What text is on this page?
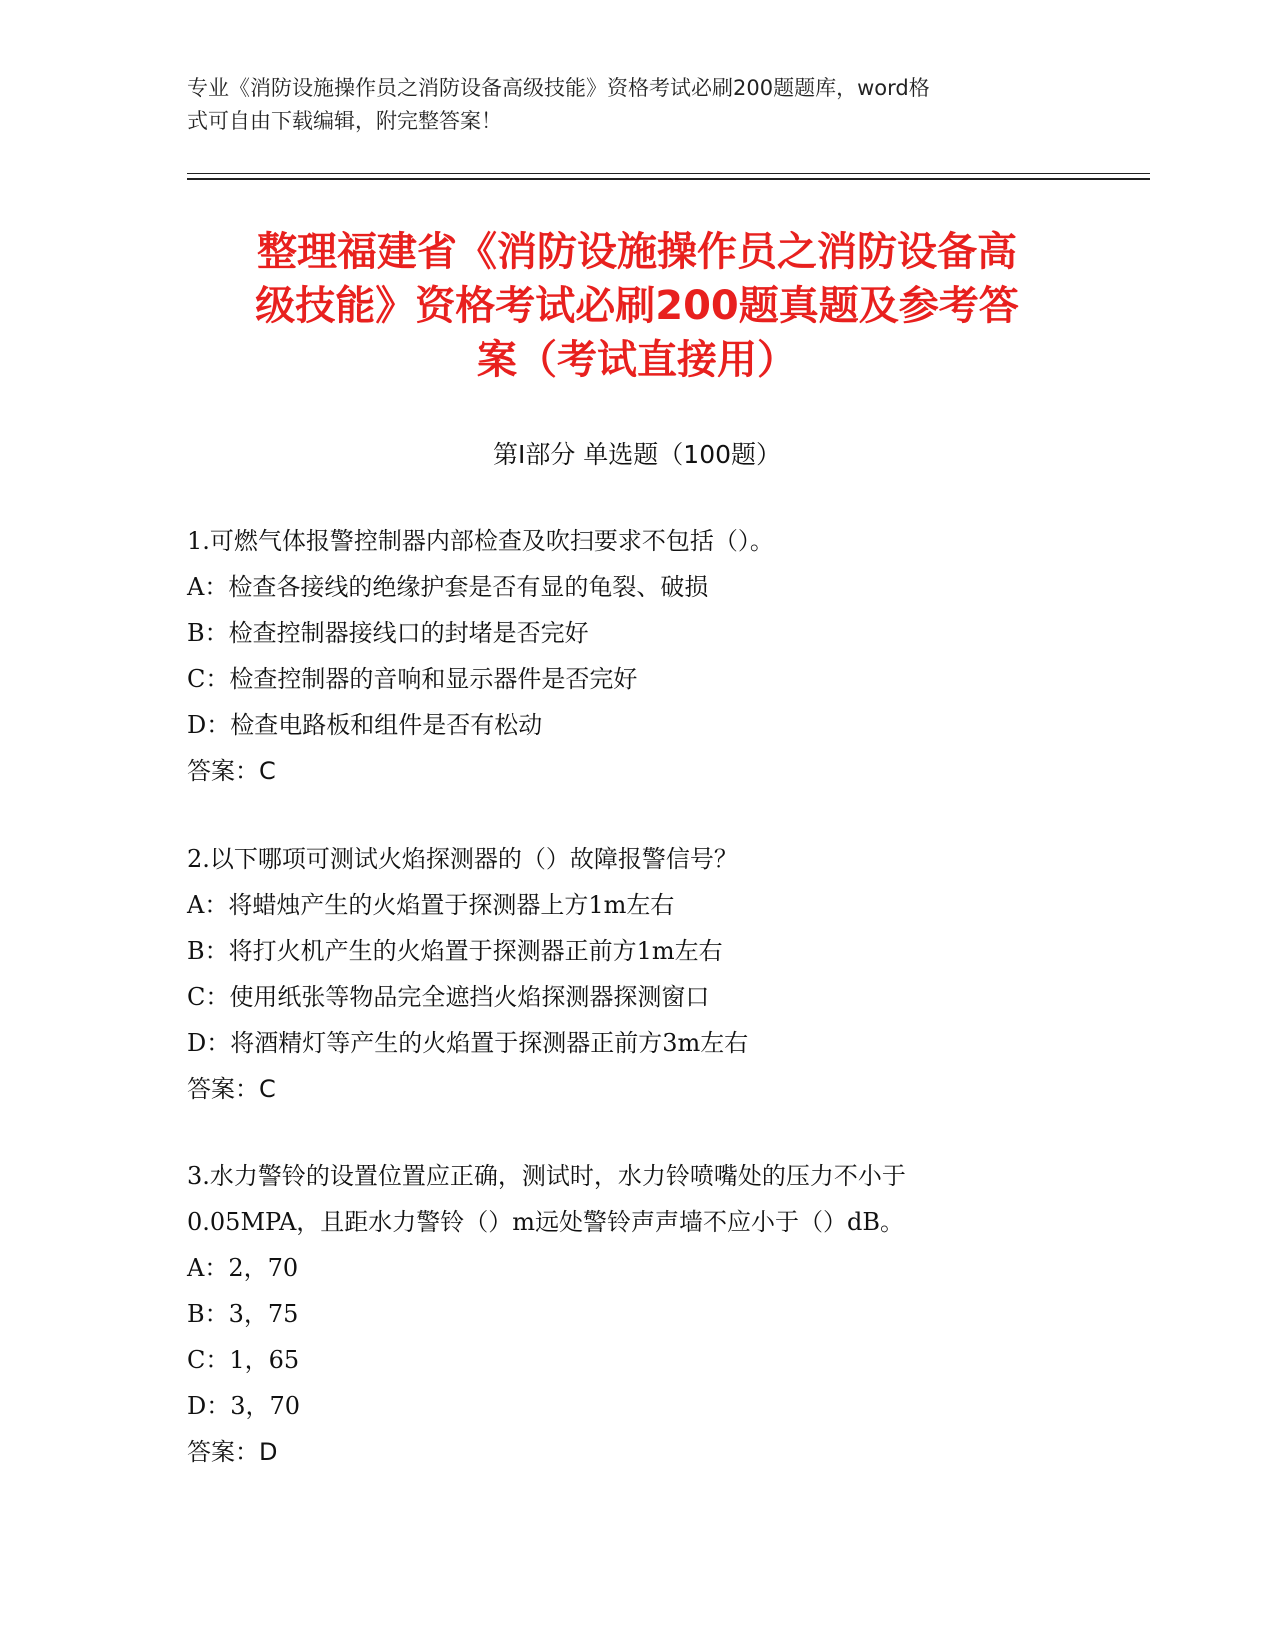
专业《消防设施操作员之消防设备高级技能》资格考试必刷200题题库，word格
式可自由下载编辑，附完整答案！
整理福建省《消防设施操作员之消防设备高
级技能》资格考试必刷200题真题及参考答
案（考试直接用）
第Ⅰ部分 单选题（100题）
1.可燃气体报警控制器内部检查及吹扫要求不包括（）。
A：检查各接线的绝缘护套是否有显的龟裂、破损
B：检查控制器接线口的封堵是否完好
C：检查控制器的音响和显示器件是否完好
D：检查电路板和组件是否有松动
答案：C
2.以下哪项可测试火焰探测器的（）故障报警信号？
A：将蜡烛产生的火焰置于探测器上方1m左右
B：将打火机产生的火焰置于探测器正前方1m左右
C：使用纸张等物品完全遮挡火焰探测器探测窗口
D：将酒精灯等产生的火焰置于探测器正前方3m左右
答案：C
3.水力警铃的设置位置应正确，测试时，水力铃喷嘴处的压力不小于
0.05MPA，且距水力警铃（）m远处警铃声声墙不应小于（）dB。
A：2，70
B：3，75
C：1，65
D：3，70
答案：D
